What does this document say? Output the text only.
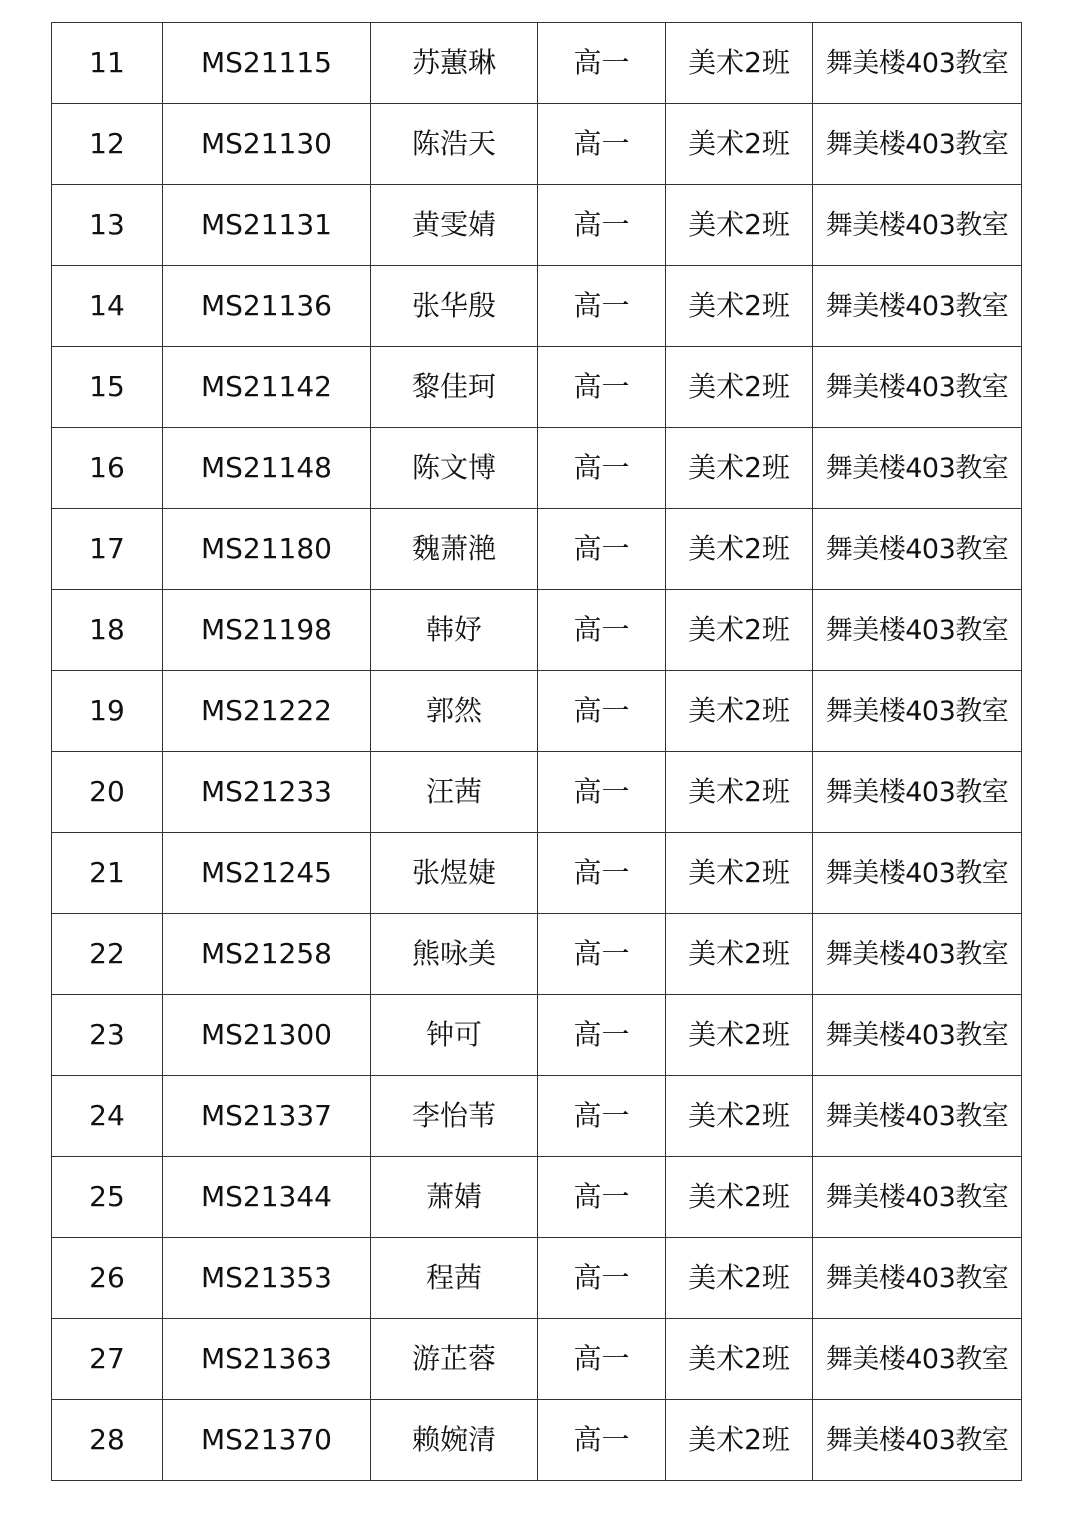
11	MS21115	苏蕙琳	高一	美术2班	舞美楼403教室
12	MS21130	陈浩天	高一	美术2班	舞美楼403教室
13	MS21131	黄雯婧	高一	美术2班	舞美楼403教室
14	MS21136	张华殷	高一	美术2班	舞美楼403教室
15	MS21142	黎佳珂	高一	美术2班	舞美楼403教室
16	MS21148	陈文博	高一	美术2班	舞美楼403教室
17	MS21180	魏萧滟	高一	美术2班	舞美楼403教室
18	MS21198	韩妤	高一	美术2班	舞美楼403教室
19	MS21222	郭然	高一	美术2班	舞美楼403教室
20	MS21233	汪茜	高一	美术2班	舞美楼403教室
21	MS21245	张煜婕	高一	美术2班	舞美楼403教室
22	MS21258	熊咏美	高一	美术2班	舞美楼403教室
23	MS21300	钟可	高一	美术2班	舞美楼403教室
24	MS21337	李怡苇	高一	美术2班	舞美楼403教室
25	MS21344	萧婧	高一	美术2班	舞美楼403教室
26	MS21353	程茜	高一	美术2班	舞美楼403教室
27	MS21363	游芷蓉	高一	美术2班	舞美楼403教室
28	MS21370	赖婉清	高一	美术2班	舞美楼403教室
